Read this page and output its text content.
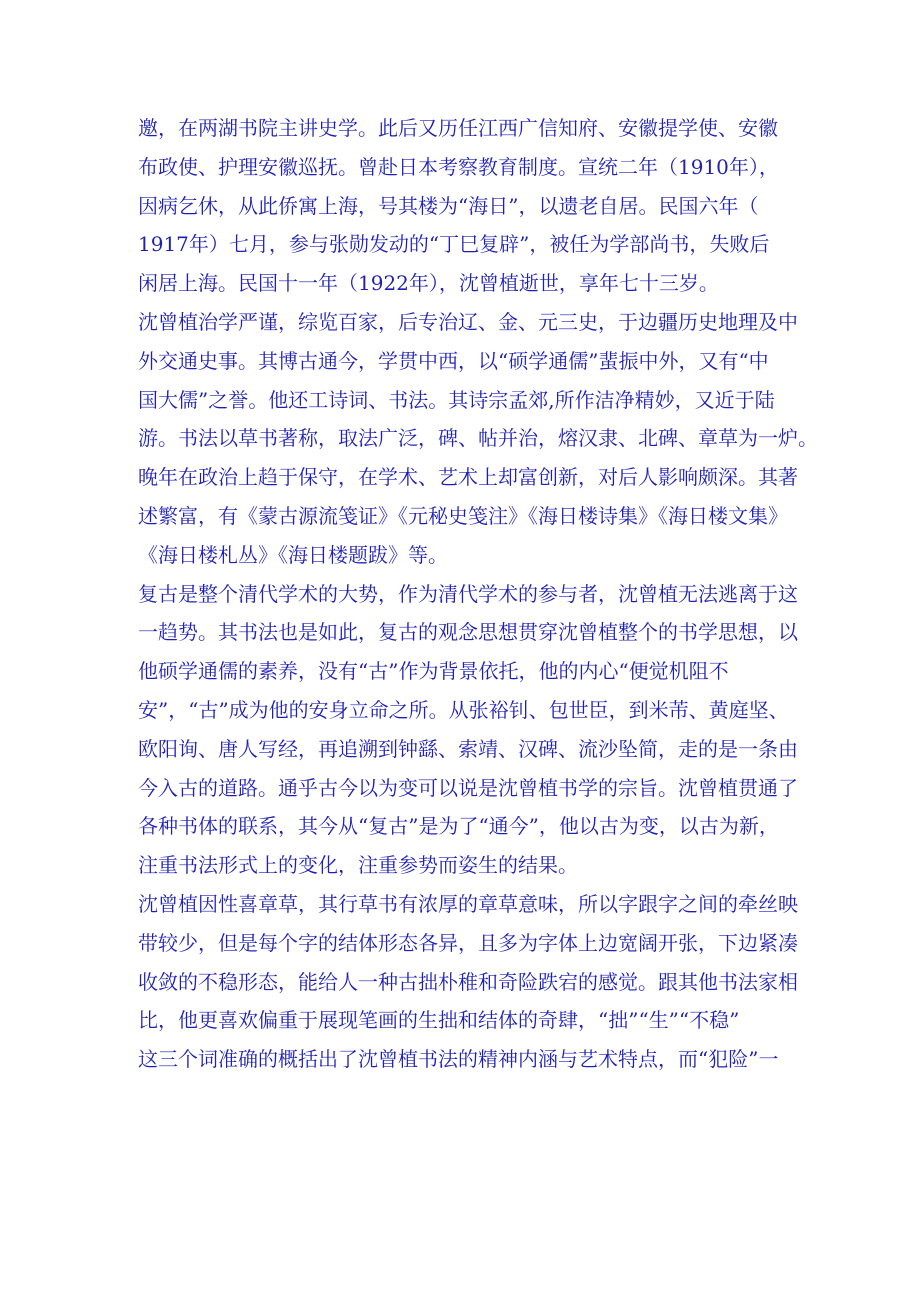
邀，在两湖书院主讲史学。此后又历任江西广信知府、安徽提学使、安徽
布政使、护理安徽巡抚。曾赴日本考察教育制度。宣统二年（1910年），
因病乞休，从此侨寓上海，号其楼为“海日”，以遗老自居。民国六年（
1917年）七月，参与张勋发动的“丁巳复辟”，被任为学部尚书，失败后
闲居上海。民国十一年（1922年），沈曾植逝世，享年七十三岁。
沈曾植治学严谨，综览百家，后专治辽、金、元三史，于边疆历史地理及中
外交通史事。其博古通今，学贯中西，以“硕学通儒”蜚振中外，又有“中
国大儒”之誉。他还工诗词、书法。其诗宗孟郊,所作洁净精妙，又近于陆
游。书法以草书著称，取法广泛，碑、帖并治，熔汉隶、北碑、章草为一炉。
晚年在政治上趋于保守，在学术、艺术上却富创新，对后人影响颇深。其著
述繁富，有《蒙古源流笺证》《元秘史笺注》《海日楼诗集》《海日楼文集》
《海日楼札丛》《海日楼题跋》等。
复古是整个清代学术的大势，作为清代学术的参与者，沈曾植无法逃离于这
一趋势。其书法也是如此，复古的观念思想贯穿沈曾植整个的书学思想，以
他硕学通儒的素养，没有“古”作为背景依托，他的内心“便觉机阻不
安”，“古”成为他的安身立命之所。从张裕钊、包世臣，到米芾、黄庭坚、
欧阳询、唐人写经，再追溯到钟繇、索靖、汉碑、流沙坠简，走的是一条由
今入古的道路。通乎古今以为变可以说是沈曾植书学的宗旨。沈曾植贯通了
各种书体的联系，其今从“复古”是为了“通今”，他以古为变，以古为新，
注重书法形式上的变化，注重参势而姿生的结果。
沈曾植因性喜章草，其行草书有浓厚的章草意味，所以字跟字之间的牵丝映
带较少，但是每个字的结体形态各异，且多为字体上边宽阔开张，下边紧凑
收敛的不稳形态，能给人一种古拙朴稚和奇险跌宕的感觉。跟其他书法家相
比，他更喜欢偏重于展现笔画的生拙和结体的奇肆，“拙”“生”“不稳”
这三个词准确的概括出了沈曾植书法的精神内涵与艺术特点，而“犯险”一
